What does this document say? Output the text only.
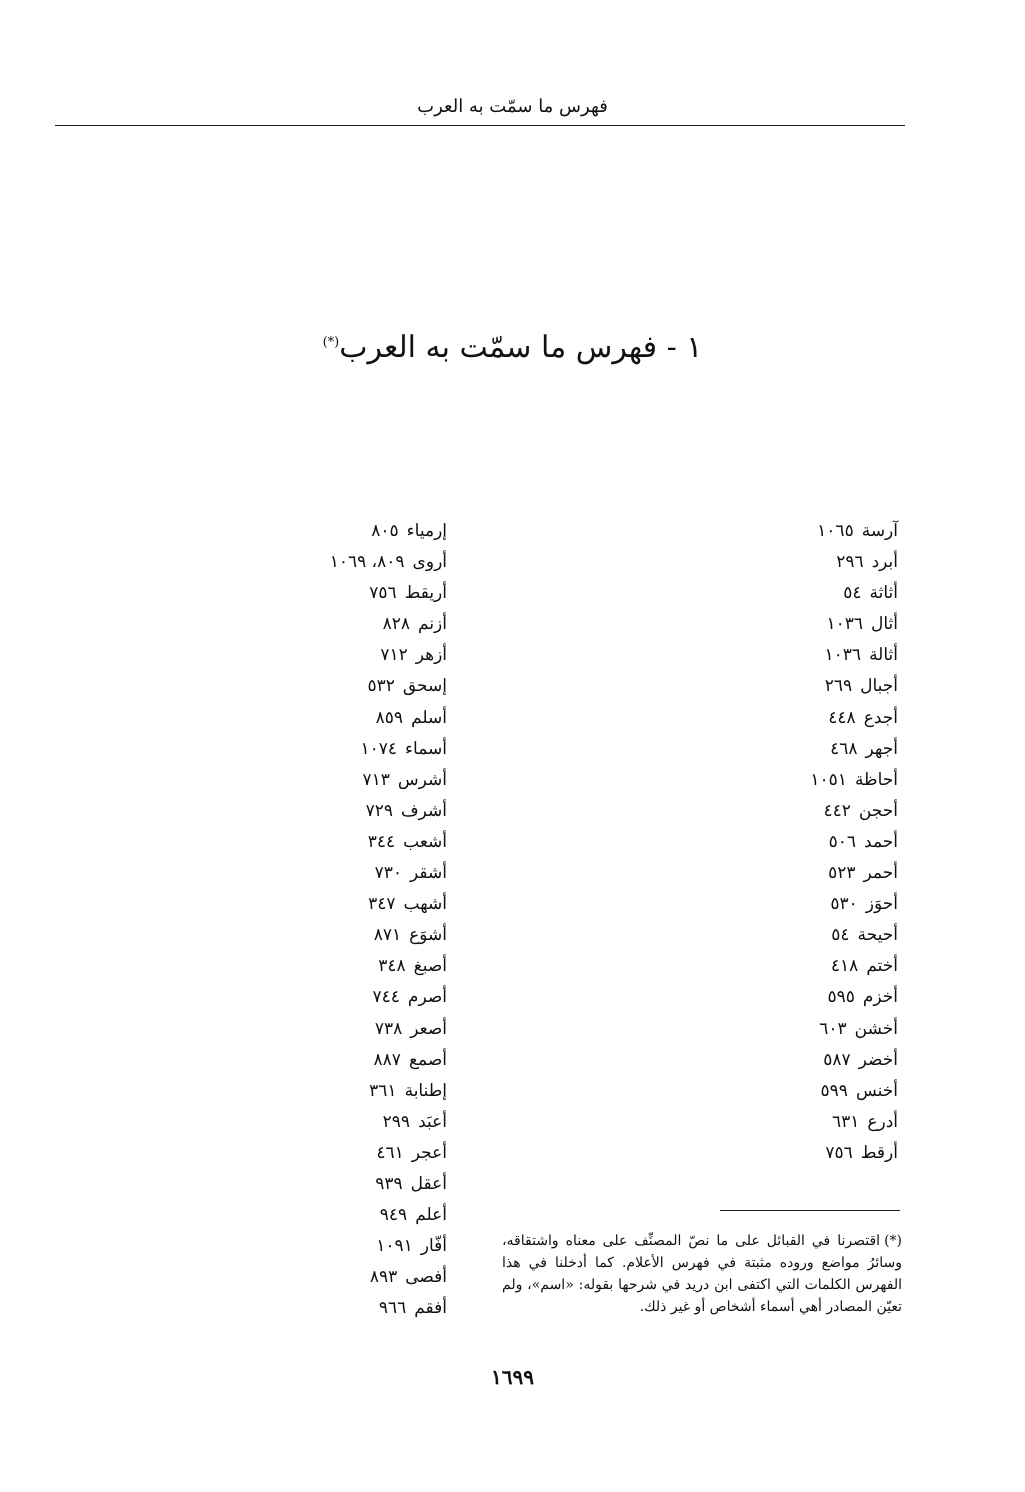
فهرس ما سمّت به العرب
١ - فهرس ما سمّت به العرب(*)
آرسة١٠٦٥
أبرد٢٩٦
أثاثة٥٤
أثال١٠٣٦
أثالة١٠٣٦
أجبال٢٦٩
أجدع٤٤٨
أجهر٤٦٨
أحاظة١٠٥١
أحجن٤٤٢
أحمد٥٠٦
أحمر٥٢٣
أحوَز٥٣٠
أحيحة٥٤
أختم٤١٨
أخزم٥٩٥
أخشن٦٠٣
أخضر٥٨٧
أخنس٥٩٩
أدرع٦٣١
أرقط٧٥٦
إرمياء٨٠٥
أروى٨٠٩، ١٠٦٩
أريقط٧٥٦
أزنم٨٢٨
أزهر٧١٢
إسحق٥٣٢
أسلم٨٥٩
أسماء١٠٧٤
أشرس٧١٣
أشرف٧٢٩
أشعب٣٤٤
أشقر٧٣٠
أشهب٣٤٧
أشوَع٨٧١
أصبغ٣٤٨
أصرم٧٤٤
أصعر٧٣٨
أصمع٨٨٧
إطنابة٣٦١
أعبَد٢٩٩
أعجر٤٦١
أعقل٩٣٩
أعلم٩٤٩
أفّار١٠٩١
أفصى٨٩٣
أفقم٩٦٦
(*)اقتصرنا في القبائل على ما نصّ المصنِّف على معناه واشتقاقه، وسائرُ مواضع وروده مثبتة في فهرس الأعلام. كما أدخلنا في هذا الفهرس الكلمات التي اكتفى ابن دريد في شرحها بقوله: «اسم»، ولم تعيّن المصادر أهي أسماء أشخاص أو غير ذلك.
١٦٩٩
